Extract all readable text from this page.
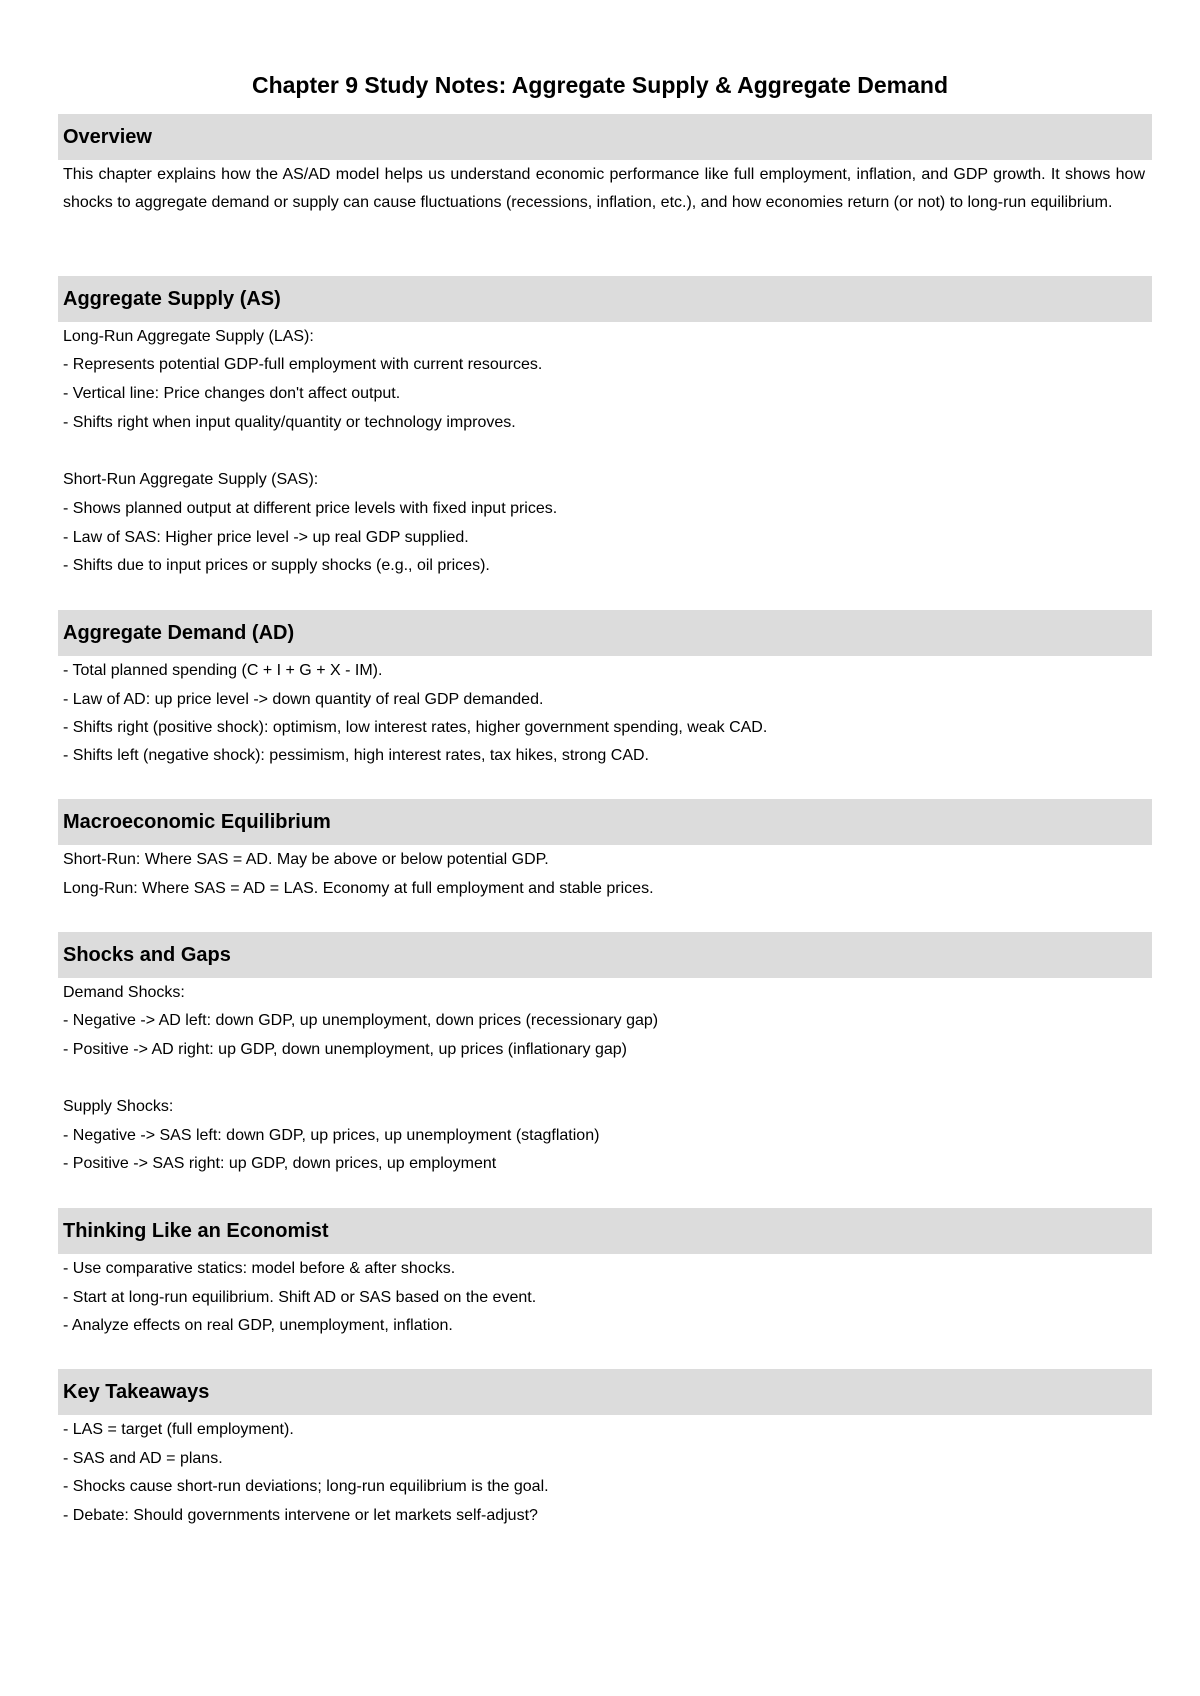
Chapter 9 Study Notes: Aggregate Supply & Aggregate Demand
Overview
This chapter explains how the AS/AD model helps us understand economic performance like full employment, inflation, and GDP growth. It shows how shocks to aggregate demand or supply can cause fluctuations (recessions, inflation, etc.), and how economies return (or not) to long-run equilibrium.
Aggregate Supply (AS)
Long-Run Aggregate Supply (LAS):
- Represents potential GDP-full employment with current resources.
- Vertical line: Price changes don't affect output.
- Shifts right when input quality/quantity or technology improves.
Short-Run Aggregate Supply (SAS):
- Shows planned output at different price levels with fixed input prices.
- Law of SAS: Higher price level -> up real GDP supplied.
- Shifts due to input prices or supply shocks (e.g., oil prices).
Aggregate Demand (AD)
- Total planned spending (C + I + G + X - IM).
- Law of AD: up price level -> down quantity of real GDP demanded.
- Shifts right (positive shock): optimism, low interest rates, higher government spending, weak CAD.
- Shifts left (negative shock): pessimism, high interest rates, tax hikes, strong CAD.
Macroeconomic Equilibrium
Short-Run: Where SAS = AD. May be above or below potential GDP.
Long-Run: Where SAS = AD = LAS. Economy at full employment and stable prices.
Shocks and Gaps
Demand Shocks:
- Negative -> AD left: down GDP, up unemployment, down prices (recessionary gap)
- Positive -> AD right: up GDP, down unemployment, up prices (inflationary gap)
Supply Shocks:
- Negative -> SAS left: down GDP, up prices, up unemployment (stagflation)
- Positive -> SAS right: up GDP, down prices, up employment
Thinking Like an Economist
- Use comparative statics: model before & after shocks.
- Start at long-run equilibrium. Shift AD or SAS based on the event.
- Analyze effects on real GDP, unemployment, inflation.
Key Takeaways
- LAS = target (full employment).
- SAS and AD = plans.
- Shocks cause short-run deviations; long-run equilibrium is the goal.
- Debate: Should governments intervene or let markets self-adjust?
